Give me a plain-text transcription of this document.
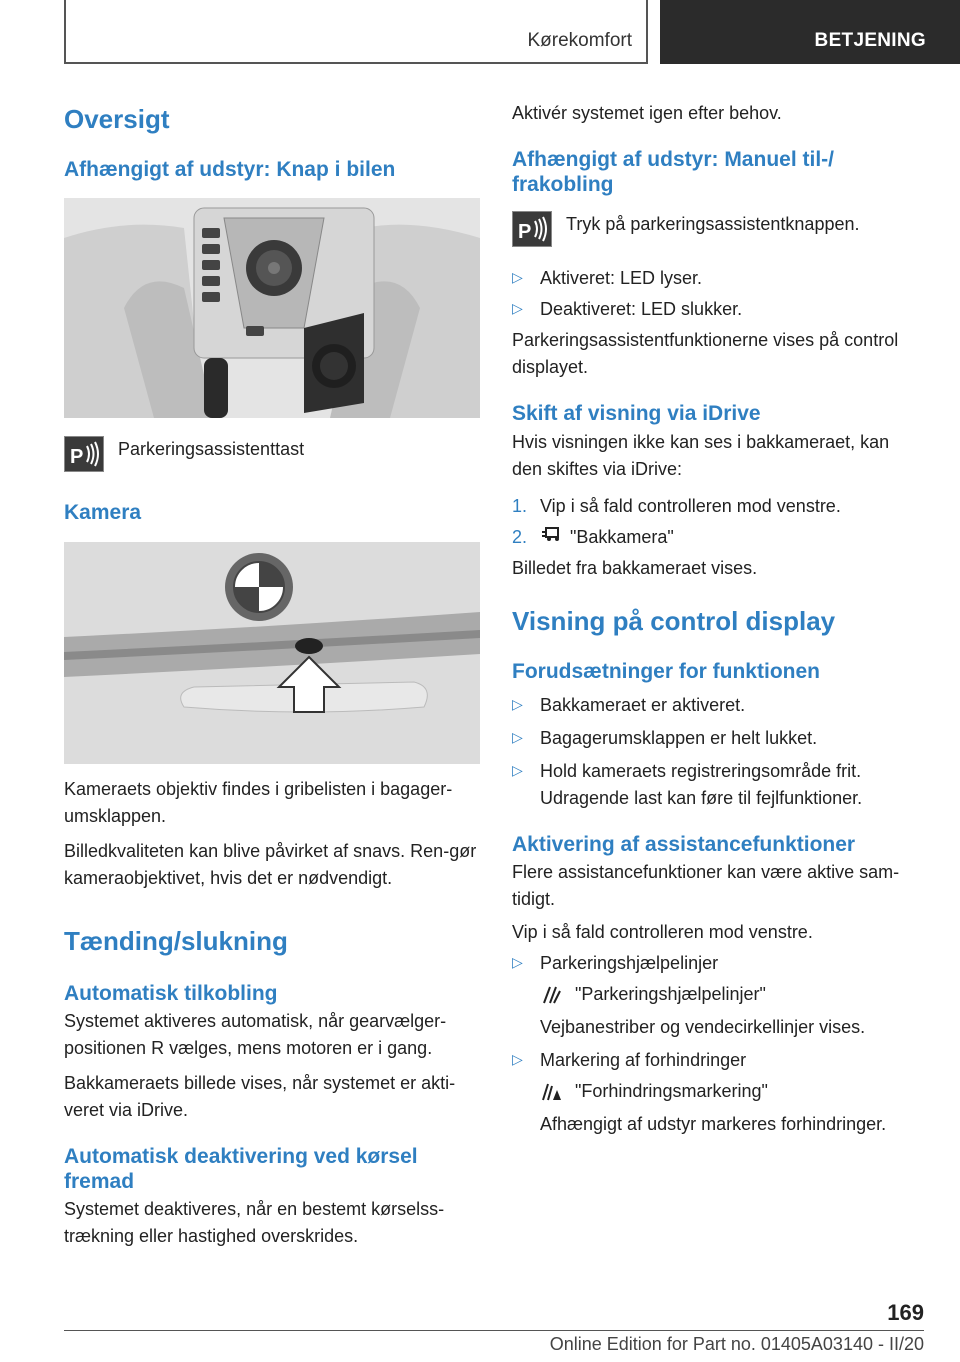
Kørekomfort	BETJENING
Oversigt
Afhængigt af udstyr: Knap i bilen
P Parkeringsassistenttast

Kamera

Kameraets objektiv findes i gribelisten i bagager-umsklappen.

Billedkvaliteten kan blive påvirket af snavs. Ren-gør kameraobjektivet, hvis det er nødvendigt.

Tænding/slukning
Automatisk tilkobling

Systemet aktiveres automatisk, når gearvælger-positionen R vælges, mens motoren er i gang.

Bakkameraets billede vises, når systemet er akti-veret via iDrive.

Automatisk deaktivering ved kørsel fremad

Systemet deaktiveres, når en bestemt kørselss-trækning eller hastighed overskrides.

Aktivér systemet igen efter behov.

Afhængigt af udstyr: Manuel til-/ frakobling
P Tryk på parkeringsassistentknappen.

▷ Aktiveret: LED lyser.
▷ Deaktiveret: LED slukker.

Parkeringsassistentfunktionerne vises på control displayet.

Skift af visning via iDrive

Hvis visningen ikke kan ses i bakkameraet, kan den skiftes via iDrive:

1. Vip i så fald controlleren mod venstre.
2.	"Bakkamera"

Billedet fra bakkameraet vises.

Visning på control display
Forudsætninger for funktionen
▷ Bakkameraet er aktiveret.
▷ Bagagerumsklappen er helt lukket.
▷ Hold kameraets registreringsområde frit. Udragende last kan føre til fejlfunktioner.
Aktivering af assistancefunktioner

Flere assistancefunktioner kan være aktive sam-tidigt.

Vip i så fald controlleren mod venstre.

▷ Parkeringshjælpelinjer
"Parkeringshjælpelinjer"
Vejbanestriber og vendecirkellinjer vises.
▷ Markering af forhindringer
"Forhindringsmarkering"
Afhængigt af udstyr markeres forhindringer.
169
Online Edition for Part no. 01405A03140 - II/20
